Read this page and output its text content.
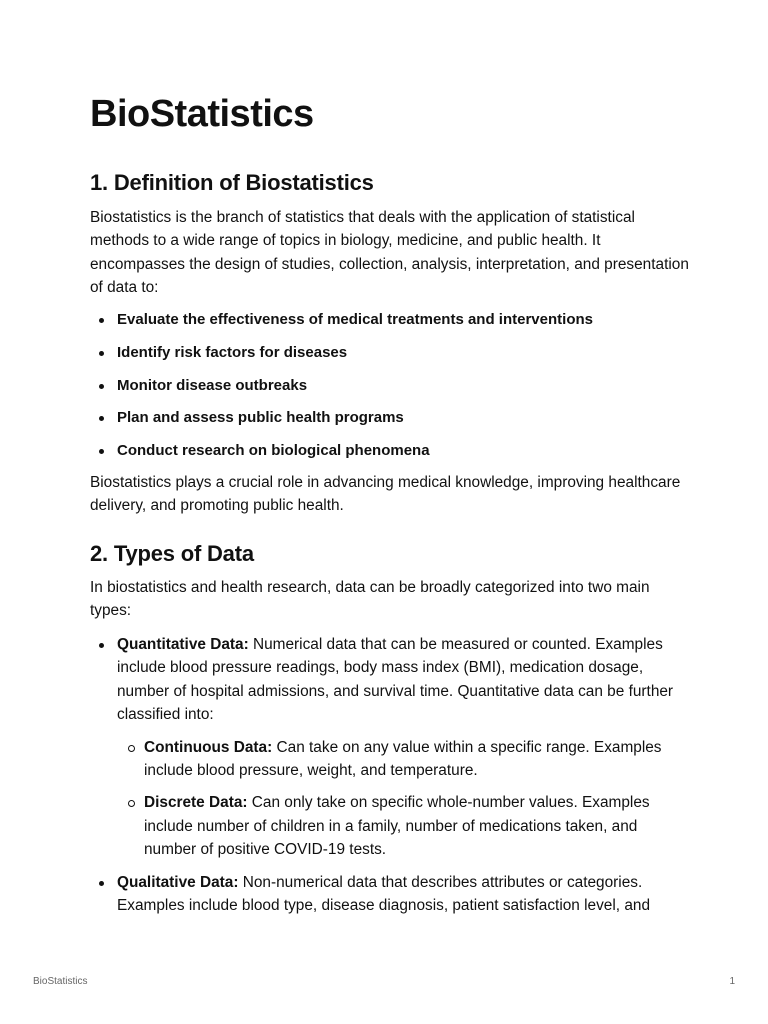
BioStatistics
1. Definition of Biostatistics

Biostatistics is the branch of statistics that deals with the application of statistical methods to a wide range of topics in biology, medicine, and public health. It encompasses the design of studies, collection, analysis, interpretation, and presentation of data to:

Evaluate the effectiveness of medical treatments and interventions
Identify risk factors for diseases
Monitor disease outbreaks
Plan and assess public health programs
Conduct research on biological phenomena

Biostatistics plays a crucial role in advancing medical knowledge, improving healthcare delivery, and promoting public health.

2. Types of Data

In biostatistics and health research, data can be broadly categorized into two main types:

Quantitative Data: Numerical data that can be measured or counted. Examples include blood pressure readings, body mass index (BMI), medication dosage, number of hospital admissions, and survival time. Quantitative data can be further classified into:
Continuous Data: Can take on any value within a specific range. Examples include blood pressure, weight, and temperature.
Discrete Data: Can only take on specific whole-number values. Examples include number of children in a family, number of medications taken, and number of positive COVID-19 tests.
Qualitative Data: Non-numerical data that describes attributes or categories. Examples include blood type, disease diagnosis, patient satisfaction level, and
BioStatistics	1
